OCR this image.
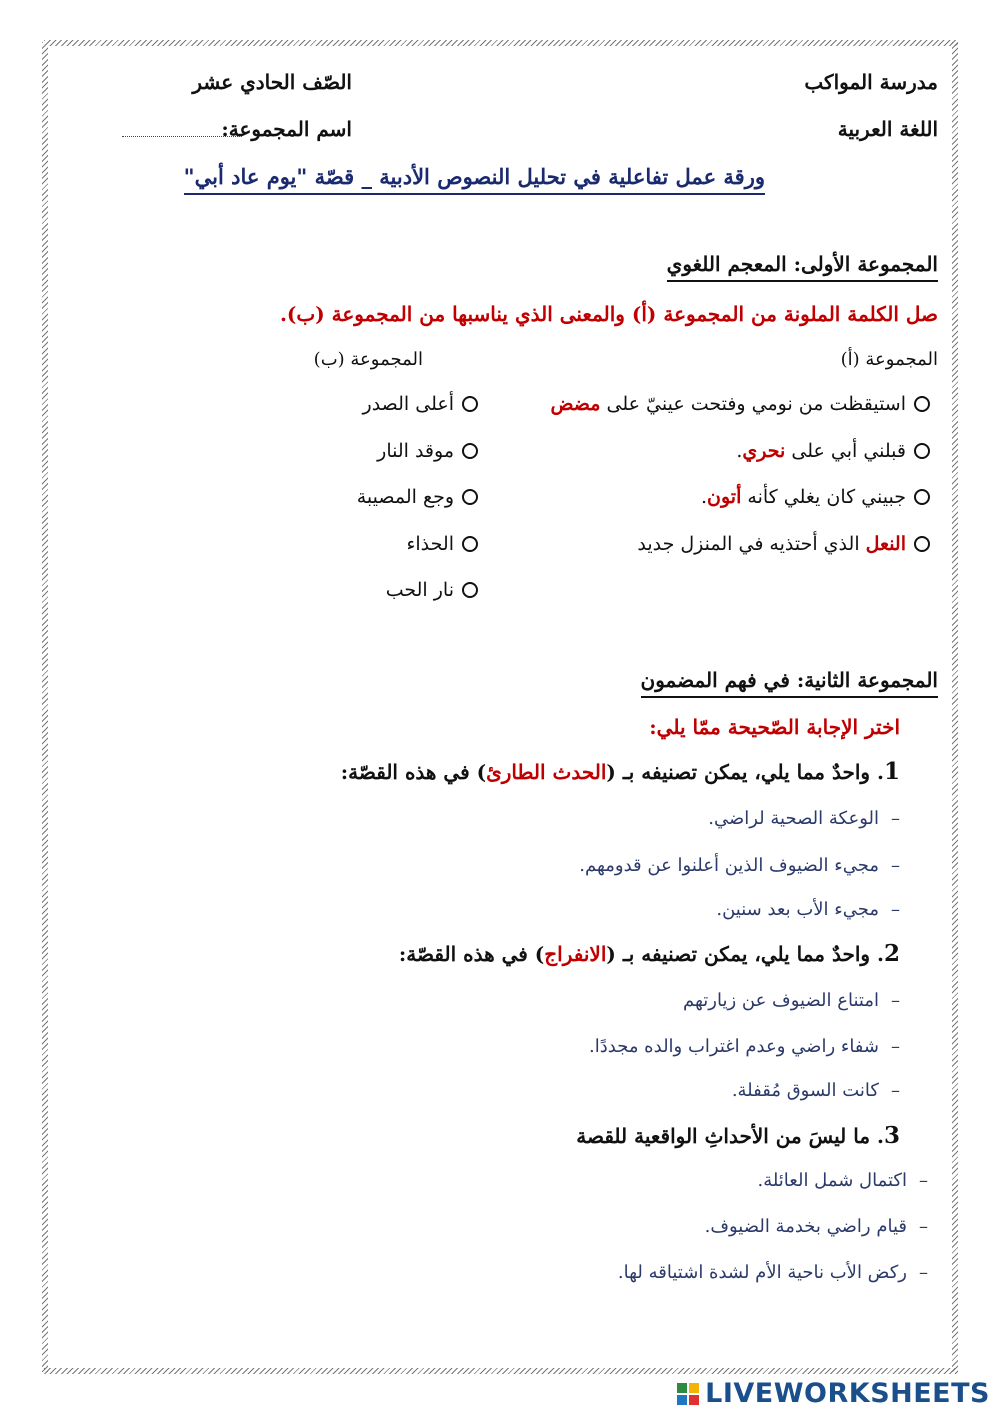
مدرسة المواكب
الصّف الحادي عشر
اللغة العربية
اسم المجموعة:
ورقة عمل تفاعلية في تحليل النصوص الأدبية _ قصّة "يوم عاد أبي"
المجموعة الأولى: المعجم اللغوي
صل الكلمة الملونة من المجموعة (أ) والمعنى الذي يناسبها من المجموعة (ب).
المجموعة (أ)
المجموعة (ب)
استيقظت من نومي وفتحت عينيّ على مضض
قبلني أبي على نحري.
جبيني كان يغلي كأنه أتون.
النعل الذي أحتذيه في المنزل جديد
أعلى الصدر
موقد النار
وجع المصيبة
الحذاء
نار الحب
المجموعة الثانية: في فهم المضمون
اختر الإجابة الصّحيحة ممّا يلي:
1. واحدٌ مما يلي، يمكن تصنيفه بـ (الحدث الطارئ) في هذه القصّة:
–الوعكة الصحية لراضي.
–مجيء الضيوف الذين أعلنوا عن قدومهم.
–مجيء الأب بعد سنين.
2. واحدٌ مما يلي، يمكن تصنيفه بـ (الانفراج) في هذه القصّة:
–امتناع الضيوف عن زيارتهم
–شفاء راضي وعدم اغتراب والده مجددًا.
–كانت السوق مُقفلة.
3. ما ليسَ من الأحداثِ الواقعية للقصة
–اكتمال شمل العائلة.
–قيام راضي بخدمة الضيوف.
–ركض الأب ناحية الأم لشدة اشتياقه لها.
LIVEWORKSHEETS
